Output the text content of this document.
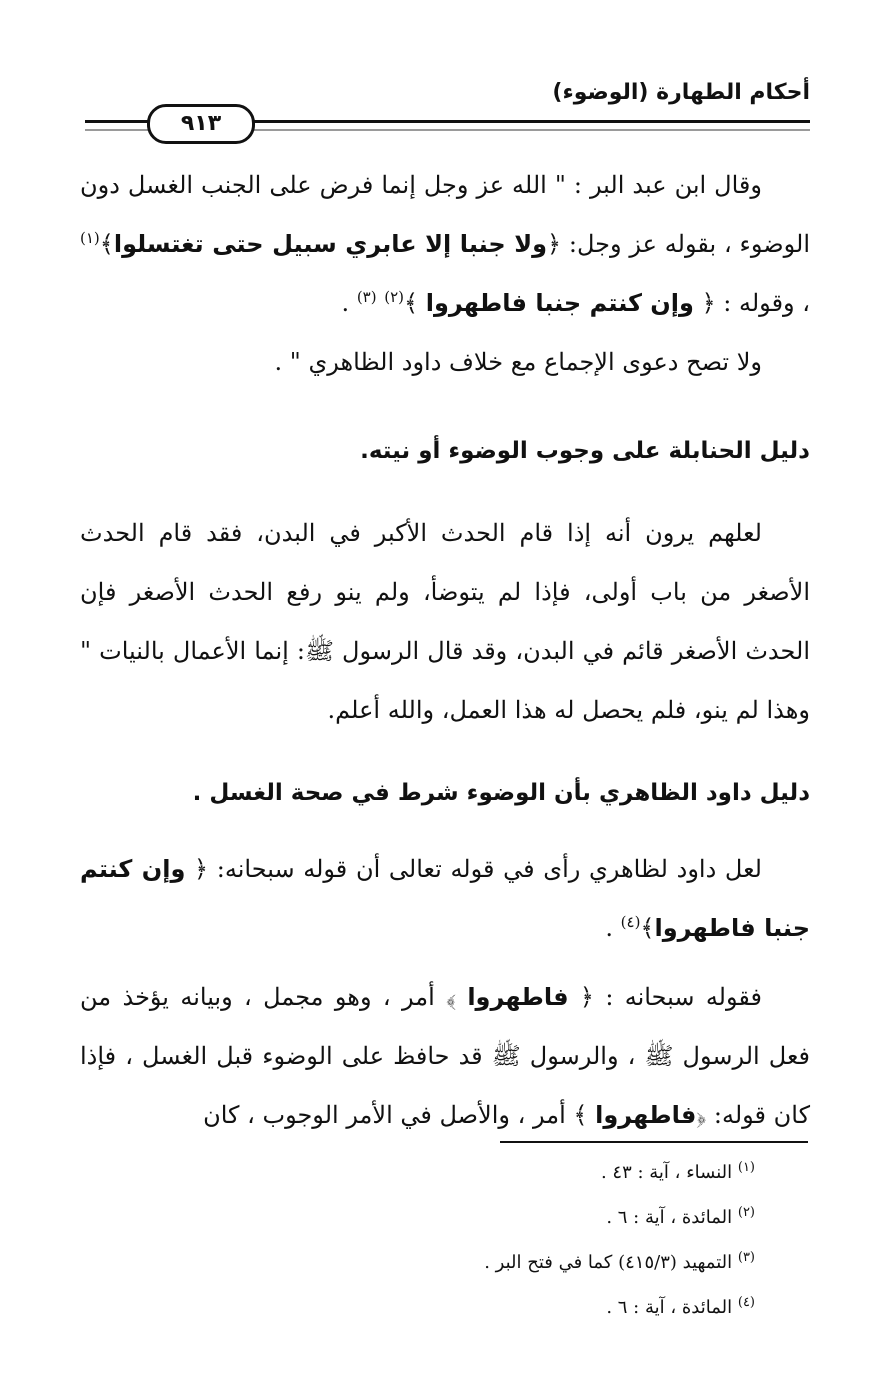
أحكام الطهارة (الوضوء)
٩١٣

وقال ابن عبد البر : " الله عز وجل إنما فرض على الجنب الغسل دون الوضوء ، بقوله عز وجل: ﴿ولا جنبا إلا عابري سبيل حتى تغتسلوا﴾$^{(١)}$ ، وقوله : ﴿ وإن كنتم جنبا فاطهروا ﴾$^{(٢)}$ $^{(٣)}$ .

ولا تصح دعوى الإجماع مع خلاف داود الظاهري " .

دليل الحنابلة على وجوب الوضوء أو نيته.

لعلهم يرون أنه إذا قام الحدث الأكبر في البدن، فقد قام الحدث الأصغر من باب أولى، فإذا لم يتوضأ، ولم ينو رفع الحدث الأصغر فإن الحدث الأصغر قائم في البدن، وقد قال الرسول ﷺ: إنما الأعمال بالنيات " وهذا لم ينو، فلم يحصل له هذا العمل، والله أعلم.

دليل داود الظاهري بأن الوضوء شرط في صحة الغسل .

لعل داود لظاهري رأى في قوله تعالى أن قوله سبحانه: ﴿ وإن كنتم جنبا فاطهروا﴾$^{(٤)}$ .

فقوله سبحانه : ﴿ فاطهروا ﴾ أمر ، وهو مجمل ، وبيانه يؤخذ من فعل الرسول ﷺ ، والرسول ﷺ قد حافظ على الوضوء قبل الغسل ، فإذا كان قوله: ﴿فاطهروا ﴾ أمر ، والأصل في الأمر الوجوب ، كان

$^{(١)}$ النساء ، آية : ٤٣ .

$^{(٢)}$ المائدة ، آية : ٦ .

$^{(٣)}$ التمهيد (٤١٥/٣) كما في فتح البر .

$^{(٤)}$ المائدة ، آية : ٦ .
